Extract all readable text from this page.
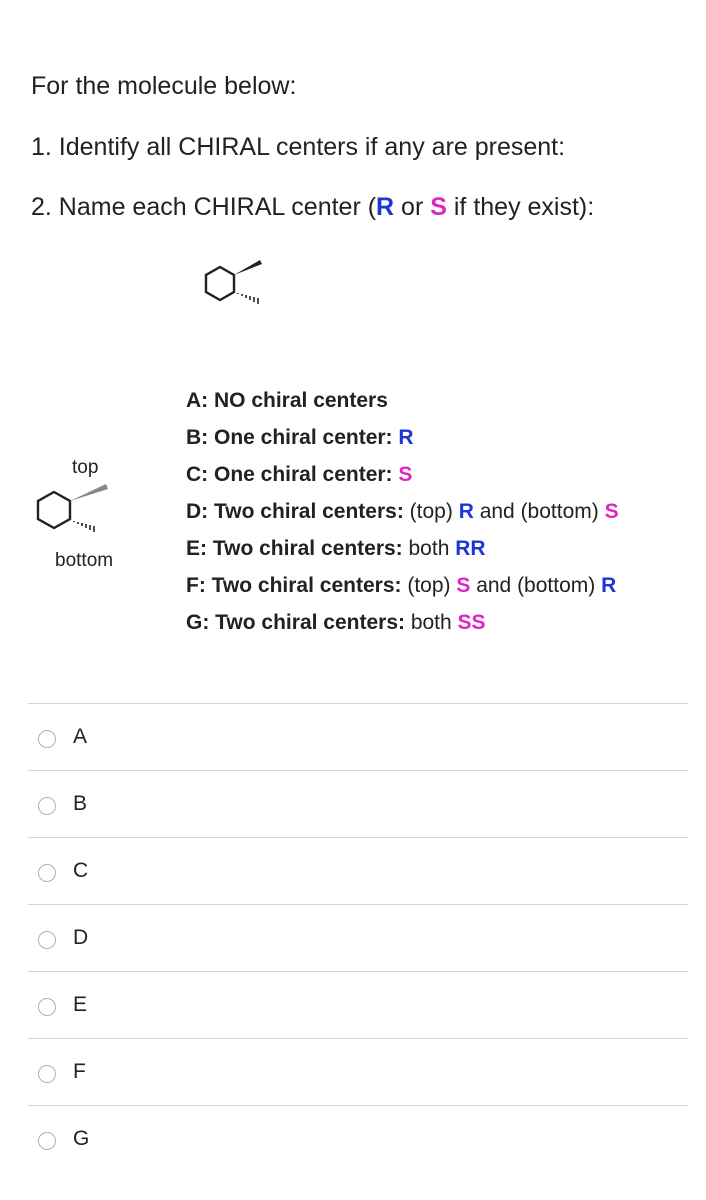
For the molecule below:
1. Identify all CHIRAL centers if any are present:
2. Name each CHIRAL center (R or S if they exist):
top
bottom
A: NO chiral centers
B: One chiral center: R
C: One chiral center: S
D: Two chiral centers: (top) R and (bottom) S
E: Two chiral centers: both RR
F: Two chiral centers: (top) S and (bottom) R
G: Two chiral centers: both SS
A
B
C
D
E
F
G
